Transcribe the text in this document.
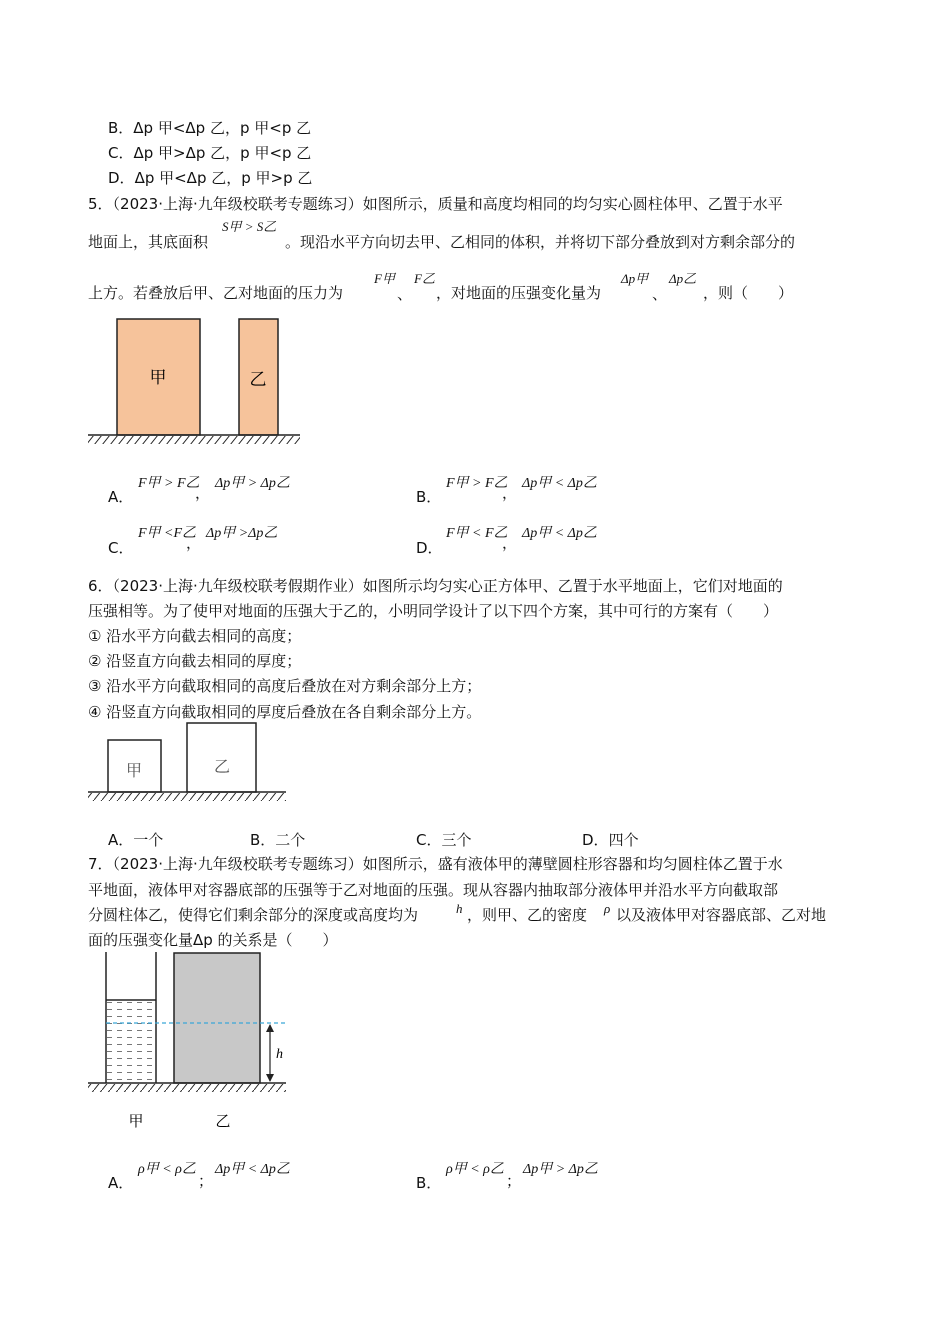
B．Δp 甲<Δp 乙，p 甲<p 乙
C．Δp 甲>Δp 乙，p 甲<p 乙
D．Δp 甲<Δp 乙，p 甲>p 乙
5．（2023·上海·九年级校联考专题练习）如图所示，质量和高度均相同的均匀实心圆柱体甲、乙置于水平
地面上，其底面积
S甲 > S乙
。现沿水平方向切去甲、乙相同的体积，并将切下部分叠放到对方剩余部分的
上方。若叠放后甲、乙对地面的压力为
F甲
、
F乙
，对地面的压强变化量为
Δp甲
、
Δp乙
，则（　　）
甲	乙
A．
F甲 > F乙
，
Δp甲 > Δp乙
B．
F甲 > F乙
，
Δp甲 < Δp乙
C．
F甲 <F乙
，
Δp甲 >Δp乙
D．
F甲 < F乙
，
Δp甲 < Δp乙
6．（2023·上海·九年级校联考假期作业）如图所示均匀实心正方体甲、乙置于水平地面上，它们对地面的
压强相等。为了使甲对地面的压强大于乙的，小明同学设计了以下四个方案，其中可行的方案有（　　）
① 沿水平方向截去相同的高度；
② 沿竖直方向截去相同的厚度；
③ 沿水平方向截取相同的高度后叠放在对方剩余部分上方；
④ 沿竖直方向截取相同的厚度后叠放在各自剩余部分上方。
甲	乙
A．一个	B．二个	C．三个	D．四个
7．（2023·上海·九年级校联考专题练习）如图所示，盛有液体甲的薄壁圆柱形容器和均匀圆柱体乙置于水
平地面，液体甲对容器底部的压强等于乙对地面的压强。现从容器内抽取部分液体甲并沿水平方向截取部
分圆柱体乙，使得它们剩余部分的深度或高度均为	h ，则甲、乙的密度 ρ 以及液体甲对容器底部、乙对地
面的压强变化量Δp 的关系是（　　）
h
甲	乙
A．
ρ甲 < ρ乙
；
Δp甲 < Δp乙
B．
ρ甲 < ρ乙
；
Δp甲 > Δp乙
